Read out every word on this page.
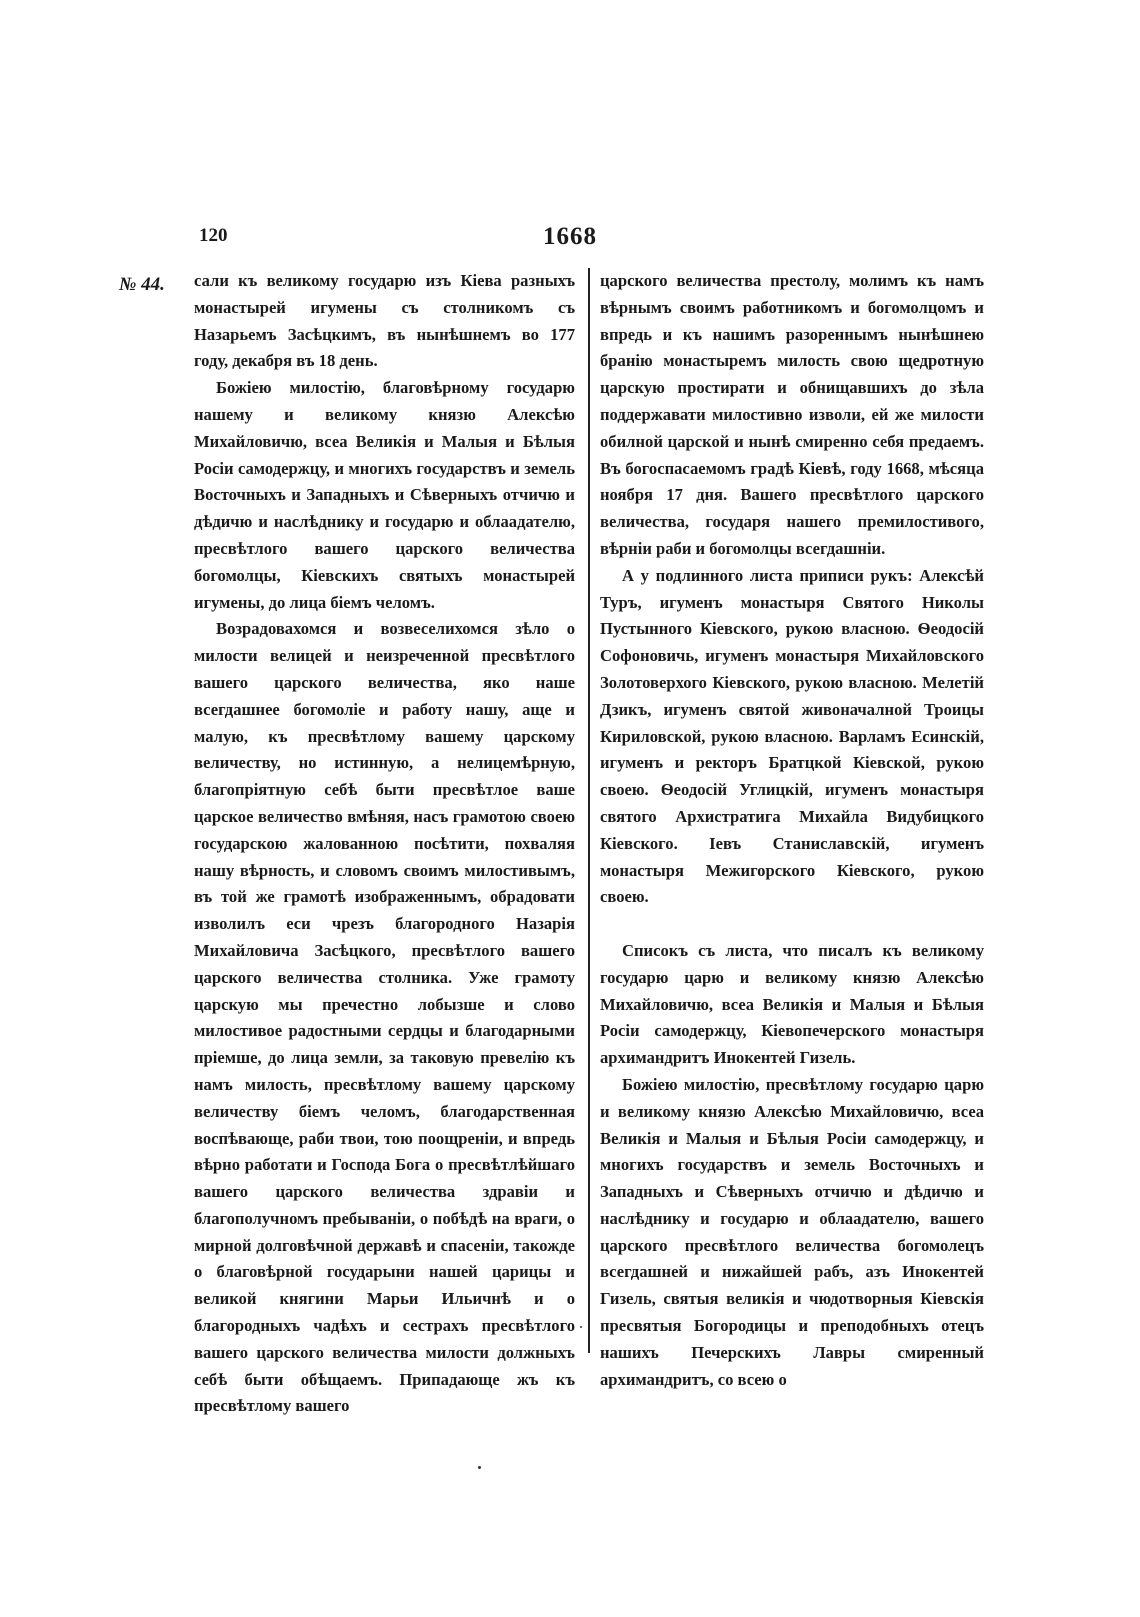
120	1668
№ 44. сали къ великому государю изъ Кіева разныхъ монастырей игумены съ столникомъ съ Назарьемъ Засѣцкимъ, въ нынѣшнемъ во 177 году, декабря въ 18 день.

Божіею милостію, благовѣрному государю нашему и великому князю Алексѣю Михайловичю, всеа Великія и Малыя и Бѣлыя Росіи самодержцу, и многихъ государствъ и земель Восточныхъ и Западныхъ и Сѣверныхъ отчичю и дѣдичю и наслѣднику и государю и облаадателю, пресвѣтлого вашего царского величества богомолцы, Кіевскихъ святыхъ монастырей игумены, до лица біемъ челомъ.

Возрадовахомся и возвеселихомся зѣло о милости велицей и неизреченной пресвѣтлого вашего царского величества, яко наше всегдашнее богомоліе и работу нашу, аще и малую, къ пресвѣтлому вашему царскому величеству, но истинную, а нелицемѣрную, благопріятную себѣ быти пресвѣтлое ваше царское величество вмѣняя, насъ грамотою своею государскою жалованною посѣтити, похваляя нашу вѣрность, и словомъ своимъ милостивымъ, въ той же грамотѣ изображеннымъ, обрадовати изволилъ еси чрезъ благородного Назарія Михайловича Засѣцкого, пресвѣтлого вашего царского величества столника. Уже грамоту царскую мы пречестно лобызше и слово милостивое радостными сердцы и благодарными пріемше, до лица земли, за таковую превелію къ намъ милость, пресвѣтлому вашему царскому величеству біемъ челомъ, благодарственная воспѣвающе, раби твои, тою поощреніи, и впредь вѣрно работати и Господа Бога о пресвѣтлѣйшаго вашего царского величества здравіи и благополучномъ пребываніи, о побѣдѣ на враги, о мирной долговѣчной державѣ и спасеніи, такожде о благовѣрной государыни нашей царицы и великой княгини Марьи Ильичнѣ и о благородныхъ чадѣхъ и сестрахъ пресвѣтлого вашего царского величества милости должныхъ себѣ быти обѣщаемъ. Припадающе жъ къ пресвѣтлому вашего

царского величества престолу, молимъ къ намъ вѣрнымъ своимъ работникомъ и богомолцомъ и впредь и къ нашимъ разореннымъ нынѣшнею бранію монастыремъ милость свою щедротную царскую простирати и обнищавшихъ до зѣла поддержавати милостивно изволи, ей же милости обилной царской и нынѣ смиренно себя предаемъ. Въ богоспасаемомъ градѣ Кіевѣ, году 1668, мѣсяца ноября 17 дня. Вашего пресвѣтлого царского величества, государя нашего премилостивого, вѣрніи раби и богомолцы всегдашніи.

А у подлинного листа приписи рукъ: Алексѣй Туръ, игуменъ монастыря Святого Николы Пустынного Кіевского, рукою власною. Ѳеодосій Софоновичь, игуменъ монастыря Михайловского Золотоверхого Кіевского, рукою власною. Мелетій Дзикъ, игуменъ святой живоначалной Троицы Кириловской, рукою власною. Варламъ Есинскій, игуменъ и ректоръ Братцкой Кіевской, рукою своею. Ѳеодосій Углицкій, игуменъ монастыря святого Архистратига Михайла Видубицкого Кіевского. Іевъ Станиславскій, игуменъ монастыря Межигорского Кіевского, рукою своею.

Списокъ съ листа, что писалъ къ великому государю царю и великому князю Алексѣю Михайловичю, всеа Великія и Малыя и Бѣлыя Росіи самодержцу, Кіевопечерского монастыря архимандритъ Инокентей Гизель.

Божіею милостію, пресвѣтлому государю царю и великому князю Алексѣю Михайловичю, всеа Великія и Малыя и Бѣлыя Росіи самодержцу, и многихъ государствъ и земель Восточныхъ и Западныхъ и Сѣверныхъ отчичю и дѣдичю и наслѣднику и государю и облаадателю, вашего царского пресвѣтлого величества богомолецъ всегдашней и нижайшей рабъ, азъ Инокентей Гизель, святыя великія и чюдотворныя Кіевскія пресвятыя Богородицы и преподобныхъ отецъ нашихъ Печерскихъ Лавры смиренный архимандритъ, со всею о
